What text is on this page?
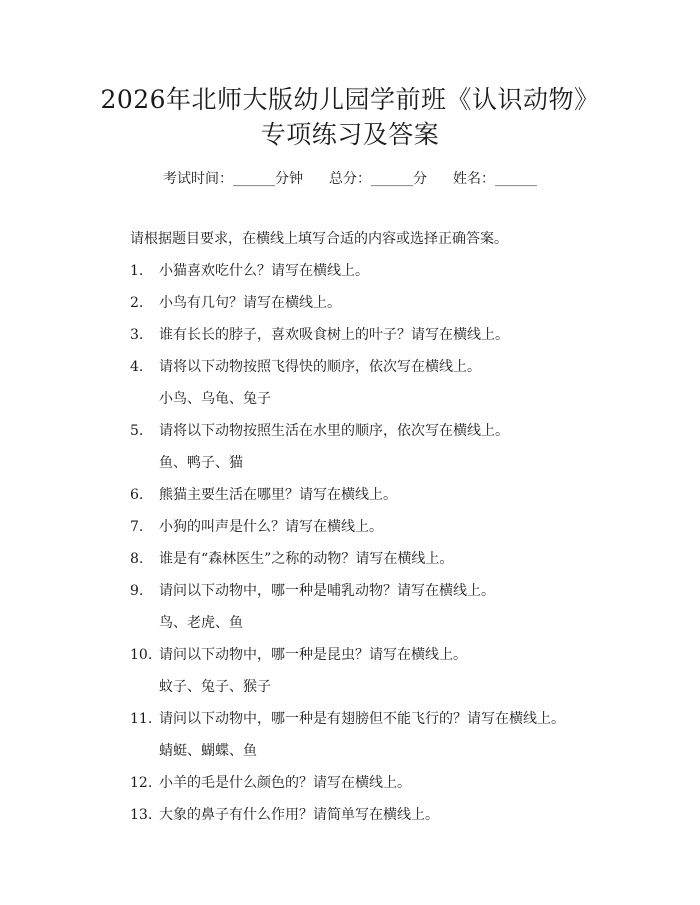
2026年北师大版幼儿园学前班《认识动物》
专项练习及答案
考试时间：______分钟 总分：______分 姓名：______
请根据题目要求，在横线上填写合适的内容或选择正确答案。
1.	小猫喜欢吃什么？请写在横线上。
2.	小鸟有几句？请写在横线上。
3.	谁有长长的脖子，喜欢吸食树上的叶子？请写在横线上。
4.	请将以下动物按照飞得快的顺序，依次写在横线上。
小鸟、乌龟、兔子
5.	请将以下动物按照生活在水里的顺序，依次写在横线上。
鱼、鸭子、猫
6.	熊猫主要生活在哪里？请写在横线上。
7.	小狗的叫声是什么？请写在横线上。
8.	谁是有“森林医生”之称的动物？请写在横线上。
9.	请问以下动物中，哪一种是哺乳动物？请写在横线上。
鸟、老虎、鱼
10. 请问以下动物中，哪一种是昆虫？请写在横线上。
蚊子、兔子、猴子
11. 请问以下动物中，哪一种是有翅膀但不能飞行的？请写在横线上。
蜻蜓、蝴蝶、鱼
12. 小羊的毛是什么颜色的？请写在横线上。
13. 大象的鼻子有什么作用？请简单写在横线上。
